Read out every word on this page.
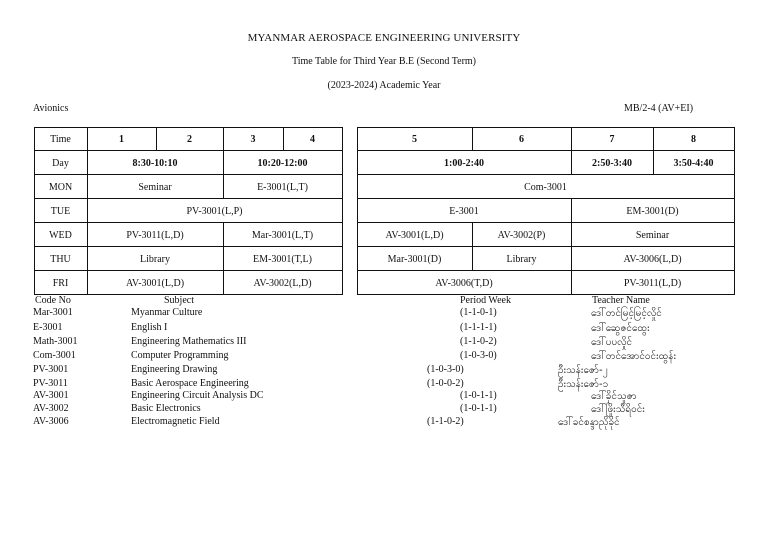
MYANMAR AEROSPACE ENGINEERING UNIVERSITY
Time Table for Third Year B.E (Second Term)
(2023-2024) Academic Year
Avionics	MB/2-4 (AV+EI)
Time	1	2	3	4	5	6	7	8
Day	8:30-10:10	10:20-12:00	1:00-2:40	2:50-3:40	3:50-4:40
MON	Seminar	E-3001(L,T)	Com-3001
TUE	PV-3001(L,P)	E-3001	EM-3001(D)
WED	PV-3011(L,D)	Mar-3001(L,T)	AV-3001(L,D)	AV-3002(P)	Seminar
THU	Library	EM-3001(T,L)	Mar-3001(D)	Library	AV-3006(L,D)
FRI	AV-3001(L,D)	AV-3002(L,D)	AV-3006(T,D)	PV-3011(L,D)
Code No	Subject	Period Week	Teacher Name
Mar-3001	Myanmar Culture	(1-1-0-1)	ဒေါ်တင်မြင့်မြင့်လှိုင်
E-3001	English I	(1-1-1-1)	ဒေါ်ဆွေဇင်ထွေး
Math-3001	Engineering Mathematics III	(1-1-0-2)	ဒေါ်ပပလှိုင်
Com-3001	Computer Programming	(1-0-3-0)	ဒေါ်တင်အောင်ဝင်းထွန်း
PV-3001	Engineering Drawing	(1-0-3-0)	ဦးသန်းဇော်-၂
PV-3011	Basic Aerospace Engineering	(1-0-0-2)	ဦးသန်းဇော်-၁
AV-3001	Engineering Circuit Analysis DC	(1-0-1-1)	ဒေါ်ခိုင်သူဇာ
AV-3002	Basic Electronics	(1-0-1-1)	ဒေါ်ဖြိုးသီရိဝင်း
AV-3006	Electromagnetic Field	(1-1-0-2)	ဒေါ်ခင်စန္ဒာညိုခိုင်
